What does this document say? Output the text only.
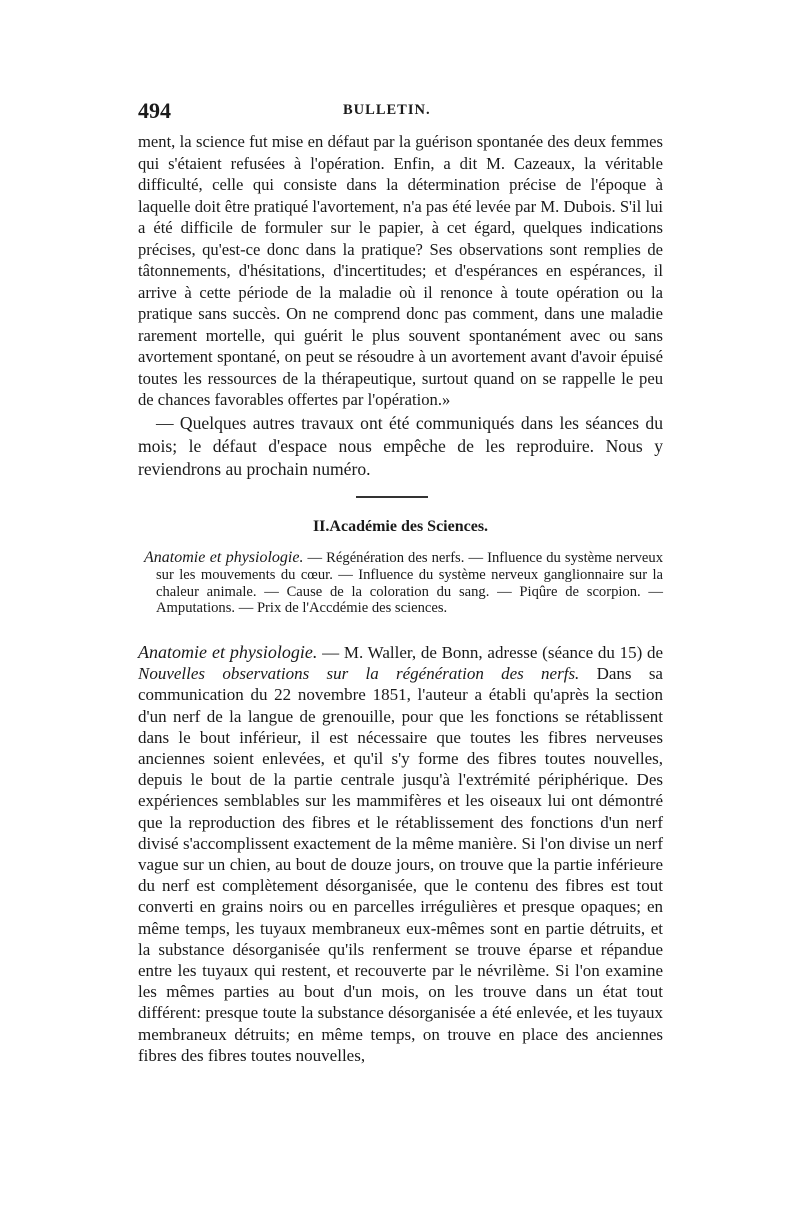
494	BULLETIN.

ment, la science fut mise en défaut par la guérison spontanée des deux femmes qui s'étaient refusées à l'opération. Enfin, a dit M. Cazeaux, la véritable difficulté, celle qui consiste dans la détermination précise de l'époque à laquelle doit être pratiqué l'avortement, n'a pas été levée par M. Dubois. S'il lui a été difficile de formuler sur le papier, à cet égard, quelques indications précises, qu'est-ce donc dans la pratique? Ses observations sont remplies de tâtonnements, d'hésitations, d'incertitudes; et d'espérances en espérances, il arrive à cette période de la maladie où il renonce à toute opération ou la pratique sans succès. On ne comprend donc pas comment, dans une maladie rarement mortelle, qui guérit le plus souvent spontanément avec ou sans avortement spontané, on peut se résoudre à un avortement avant d'avoir épuisé toutes les ressources de la thérapeutique, surtout quand on se rappelle le peu de chances favorables offertes par l'opération.»

— Quelques autres travaux ont été communiqués dans les séances du mois; le défaut d'espace nous empêche de les reproduire. Nous y reviendrons au prochain numéro.

II.Académie des Sciences.

Anatomie et physiologie. — Régénération des nerfs. — Influence du système nerveux sur les mouvements du cœur. — Influence du système nerveux ganglionnaire sur la chaleur animale. — Cause de la coloration du sang. — Piqûre de scorpion. — Amputations. — Prix de l'Accdémie des sciences.

Anatomie et physiologie. — M. Waller, de Bonn, adresse (séance du 15) de Nouvelles observations sur la régénération des nerfs. Dans sa communication du 22 novembre 1851, l'auteur a établi qu'après la section d'un nerf de la langue de grenouille, pour que les fonctions se rétablissent dans le bout inférieur, il est nécessaire que toutes les fibres nerveuses anciennes soient enlevées, et qu'il s'y forme des fibres toutes nouvelles, depuis le bout de la partie centrale jusqu'à l'extrémité périphérique. Des expériences semblables sur les mammifères et les oiseaux lui ont démontré que la reproduction des fibres et le rétablissement des fonctions d'un nerf divisé s'accomplissent exactement de la même manière. Si l'on divise un nerf vague sur un chien, au bout de douze jours, on trouve que la partie inférieure du nerf est complètement désorganisée, que le contenu des fibres est tout converti en grains noirs ou en parcelles irrégulières et presque opaques; en même temps, les tuyaux membraneux eux-mêmes sont en partie détruits, et la substance désorganisée qu'ils renferment se trouve éparse et répandue entre les tuyaux qui restent, et recouverte par le névrilème. Si l'on examine les mêmes parties au bout d'un mois, on les trouve dans un état tout différent: presque toute la substance désorganisée a été enlevée, et les tuyaux membraneux détruits; en même temps, on trouve en place des anciennes fibres des fibres toutes nouvelles,
